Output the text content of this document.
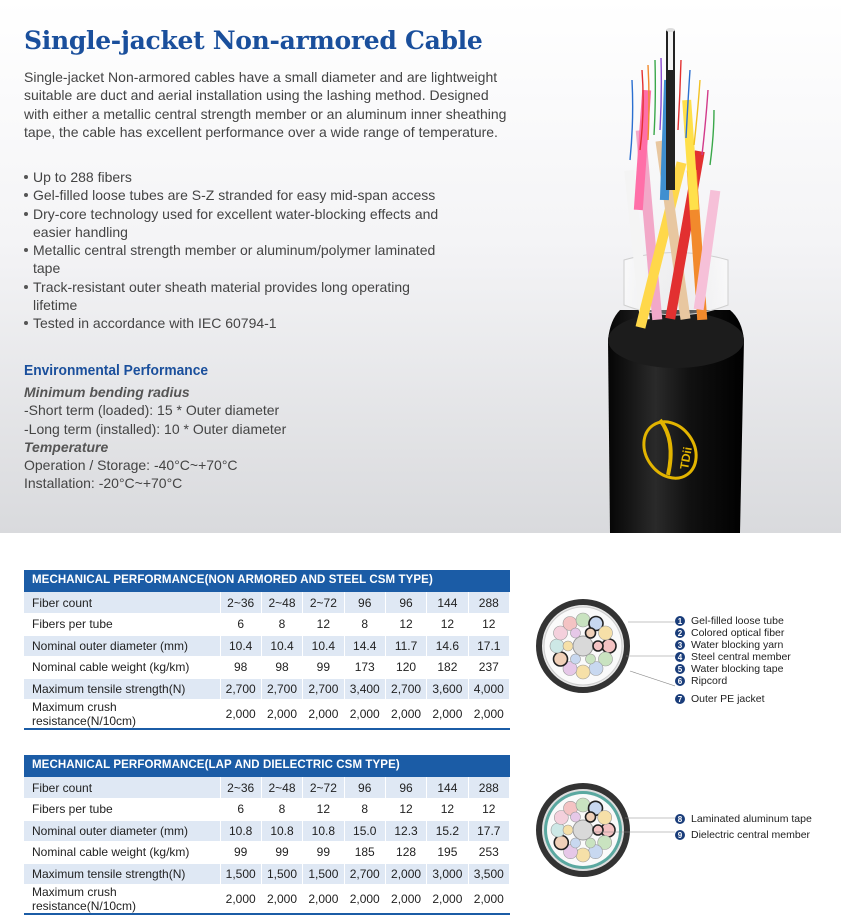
Single-jacket Non-armored Cable

Single-jacket Non-armored cables have a small diameter and are lightweight suitable are duct and aerial installation using the lashing method. Designed with either a metallic central strength member or an aluminum inner sheathing tape, the cable has excellent performance over a wide range of temperature.

Up to 288 fibers
Gel-filled loose tubes are S-Z stranded for easy mid-span access
Dry-core technology used for excellent water-blocking effects and easier handling
Metallic central strength member or aluminum/polymer laminated tape
Track-resistant outer sheath material provides long operating lifetime
Tested in accordance with IEC 60794-1
Environmental Performance
Minimum bending radius
-Short term (loaded): 15 * Outer diameter
-Long term (installed): 10 * Outer diameter
Temperature
Operation / Storage: -40°C~+70°C
Installation: -20°C~+70°C
TDii
MECHANICAL PERFORMANCE(NON ARMORED AND STEEL CSM TYPE)
Fiber count	2~36	2~48	2~72	96	96	144	288
Fibers per tube	6	8	12	8	12	12	12
Nominal outer diameter (mm)	10.4	10.4	10.4	14.4	11.7	14.6	17.1
Nominal cable weight (kg/km)	98	98	99	173	120	182	237
Maximum tensile strength(N)	2,700	2,700	2,700	3,400	2,700	3,600	4,000
Maximum crush resistance(N/10cm)	2,000	2,000	2,000	2,000	2,000	2,000	2,000
MECHANICAL PERFORMANCE(LAP AND DIELECTRIC CSM TYPE)
Fiber count	2~36	2~48	2~72	96	96	144	288
Fibers per tube	6	8	12	8	12	12	12
Nominal outer diameter (mm)	10.8	10.8	10.8	15.0	12.3	15.2	17.7
Nominal cable weight (kg/km)	99	99	99	185	128	195	253
Maximum tensile strength(N)	1,500	1,500	1,500	2,700	2,000	3,000	3,500
Maximum crush resistance(N/10cm)	2,000	2,000	2,000	2,000	2,000	2,000	2,000
1 Gel-filled loose tube
2 Colored optical fiber
3 Water blocking yarn
4 Steel central member
5 Water blocking tape
6 Ripcord
7 Outer PE jacket
8 Laminated aluminum tape
9 Dielectric central member
